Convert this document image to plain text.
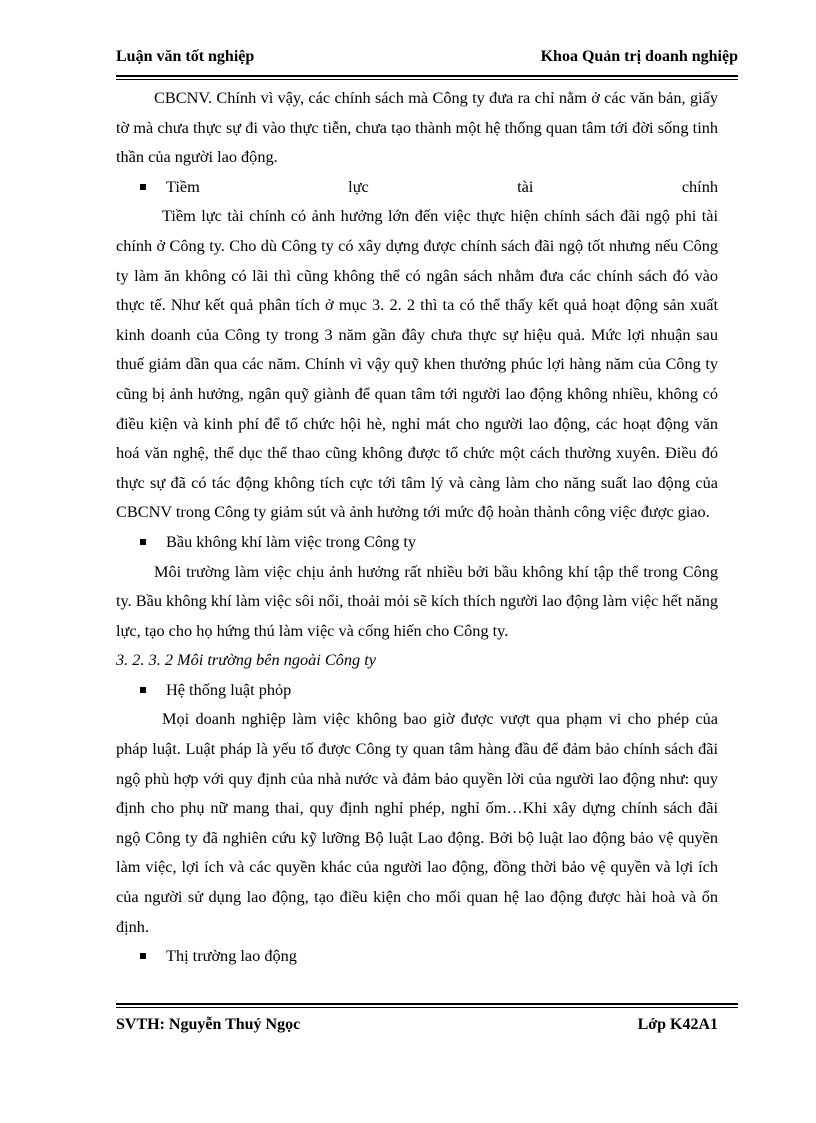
Luận văn tốt nghiệp	Khoa Quản trị doanh nghiệp

CBCNV. Chính vì vậy, các chính sách mà Công ty đưa ra chỉ nằm ở các văn bản, giấy tờ mà chưa thực sự đi vào thực tiễn, chưa tạo thành một hệ thống quan tâm tới đời sống tinh thần của người lao động.

Tiềm lực tài chính

Tiềm lực tài chính có ảnh hưởng lớn đến việc thực hiện chính sách đãi ngộ phi tài chính ở Công ty. Cho dù Công ty có xây dựng được chính sách đãi ngộ tốt nhưng nếu Công ty làm ăn không có lãi thì cũng không thể có ngân sách nhằm đưa các chính sách đó vào thực tế. Như kết quả phân tích ở mục 3. 2. 2 thì ta có thể thấy kết quả hoạt động sản xuất kinh doanh của Công ty trong 3 năm gần đây chưa thực sự hiệu quả. Mức lợi nhuận sau thuế giảm dần qua các năm. Chính vì vậy quỹ khen thưởng phúc lợi hàng năm của Công ty cũng bị ảnh hưởng, ngân quỹ giành để quan tâm tới người lao động không nhiều, không có điều kiện và kinh phí để tổ chức hội hè, nghỉ mát cho người lao động, các hoạt động văn hoá văn nghệ, thể dục thể thao cũng không được tổ chức một cách thường xuyên. Điều đó thực sự đã có tác động không tích cực tới tâm lý và càng làm cho năng suất lao động của CBCNV trong Công ty giảm sút và ảnh hưởng tới mức độ hoàn thành công việc được giao.

Bầu không khí làm việc trong Công ty

Môi trường làm việc chịu ảnh hưởng rất nhiều bởi bầu không khí tập thể trong Công ty. Bầu không khí làm việc sôi nổi, thoải mỏi sẽ kích thích người lao động làm việc hết năng lực, tạo cho họ hứng thú làm việc và cống hiến cho Công ty.

3. 2. 3. 2 Môi trường bên ngoài Công ty

Hệ thống luật phỏp

Mọi doanh nghiệp làm việc không bao giờ được vượt qua phạm vi cho phép của pháp luật. Luật pháp là yếu tố được Công ty quan tâm hàng đầu để đảm bảo chính sách đãi ngộ phù hợp với quy định của nhà nước và đảm bảo quyền lời của người lao động như: quy định cho phụ nữ mang thai, quy định nghỉ phép, nghỉ ốm…Khi xây dựng chính sách đãi ngộ Công ty đã nghiên cứu kỹ lưỡng Bộ luật Lao động. Bởi bộ luật lao động bảo vệ quyền làm việc, lợi ích và các quyền khác của người lao động, đồng thời bảo vệ quyền và lợi ích của người sử dụng lao động, tạo điều kiện cho mối quan hệ lao động được hài hoà và ổn định.

Thị trường lao động

SVTH: Nguyễn Thuý Ngọc	Lớp K42A1
